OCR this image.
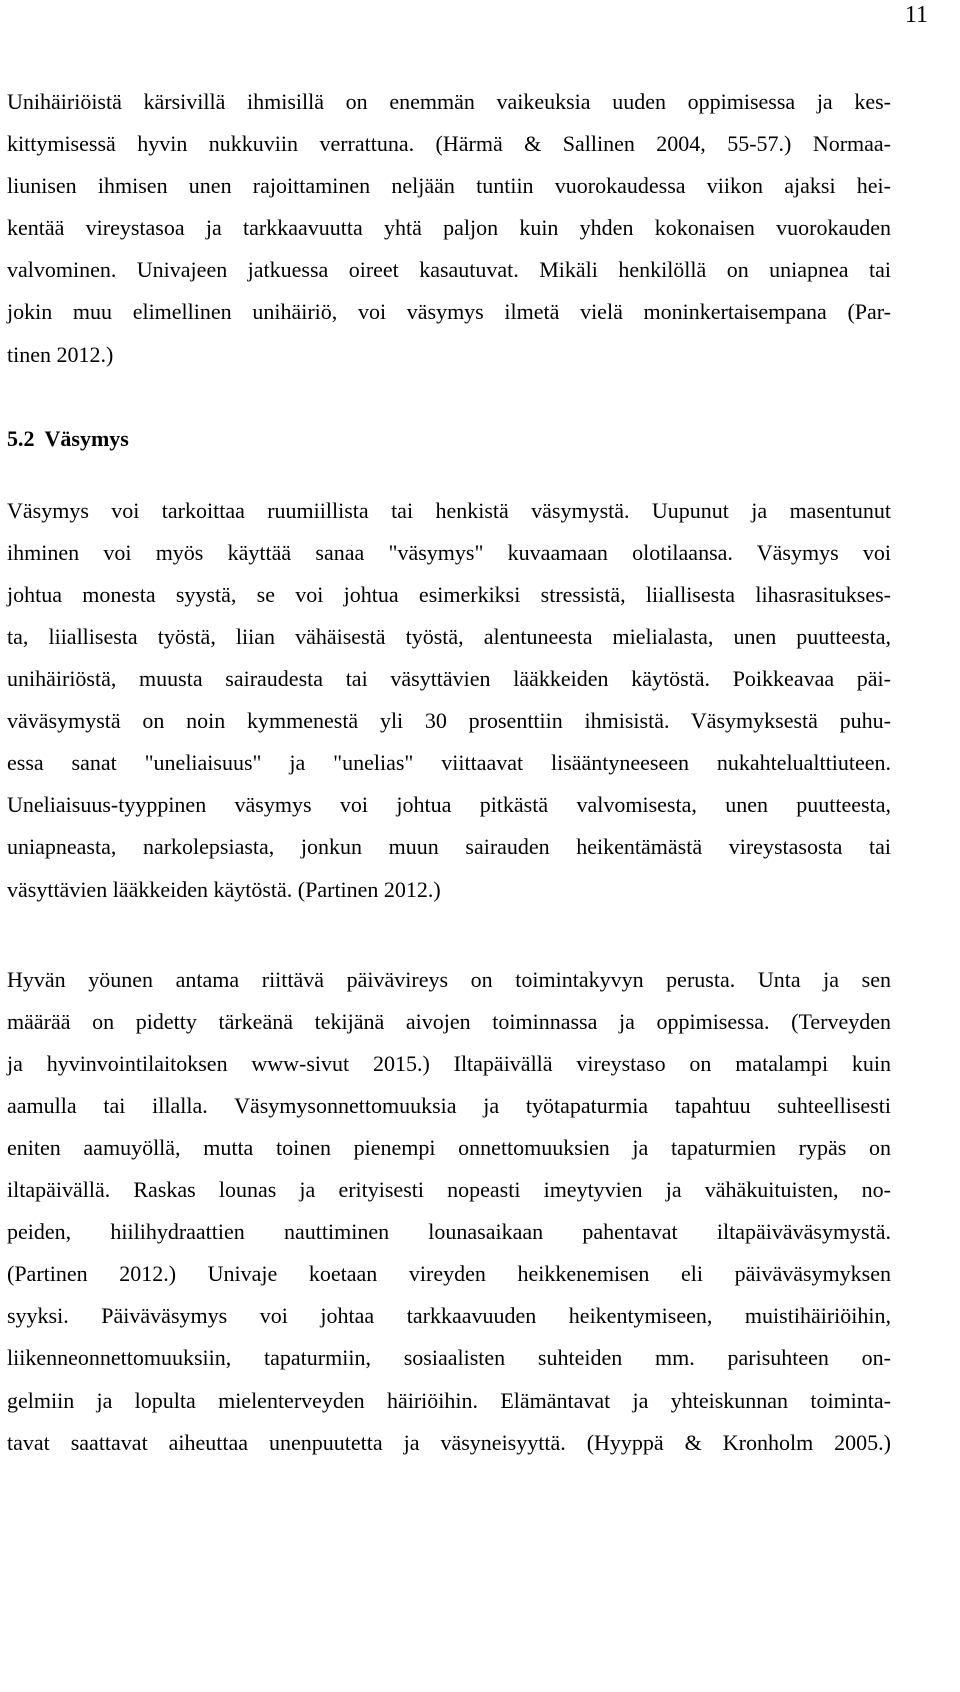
11
Unihäiriöistä kärsivillä ihmisillä on enemmän vaikeuksia uuden oppimisessa ja kes-
kittymisessä hyvin nukkuviin verrattuna. (Härmä & Sallinen 2004, 55-57.) Normaa-
liunisen ihmisen unen rajoittaminen neljään tuntiin vuorokaudessa viikon ajaksi hei-
kentää vireystasoa ja tarkkaavuutta yhtä paljon kuin yhden kokonaisen vuorokauden
valvominen. Univajeen jatkuessa oireet kasautuvat. Mikäli henkilöllä on uniapnea tai
jokin muu elimellinen unihäiriö, voi väsymys ilmetä vielä moninkertaisempana (Par-
tinen 2012.)
5.2 Väsymys
Väsymys voi tarkoittaa ruumiillista tai henkistä väsymystä. Uupunut ja masentunut
ihminen voi myös käyttää sanaa "väsymys" kuvaamaan olotilaansa. Väsymys voi
johtua monesta syystä, se voi johtua esimerkiksi stressistä, liiallisesta lihasrasitukses-
ta, liiallisesta työstä, liian vähäisestä työstä, alentuneesta mielialasta, unen puutteesta,
unihäiriöstä, muusta sairaudesta tai väsyttävien lääkkeiden käytöstä. Poikkeavaa päi-
väväsymystä on noin kymmenestä yli 30 prosenttiin ihmisistä. Väsymyksestä puhu-
essa sanat "uneliaisuus" ja "unelias" viittaavat lisääntyneeseen nukahtelualttiuteen.
Uneliaisuus-tyyppinen väsymys voi johtua pitkästä valvomisesta, unen puutteesta,
uniapneasta, narkolepsiasta, jonkun muun sairauden heikentämästä vireystasosta tai
väsyttävien lääkkeiden käytöstä. (Partinen 2012.)
Hyvän yöunen antama riittävä päivävireys on toimintakyvyn perusta. Unta ja sen
määrää on pidetty tärkeänä tekijänä aivojen toiminnassa ja oppimisessa. (Terveyden
ja hyvinvointilaitoksen www-sivut 2015.) Iltapäivällä vireystaso on matalampi kuin
aamulla tai illalla. Väsymysonnettomuuksia ja työtapaturmia tapahtuu suhteellisesti
eniten aamuyöllä, mutta toinen pienempi onnettomuuksien ja tapaturmien rypäs on
iltapäivällä. Raskas lounas ja erityisesti nopeasti imeytyvien ja vähäkuituisten, no-
peiden, hiilihydraattien nauttiminen lounasaikaan pahentavat iltapäiväväsymystä.
(Partinen 2012.) Univaje koetaan vireyden heikkenemisen eli päiväväsymyksen
syyksi. Päiväväsymys voi johtaa tarkkaavuuden heikentymiseen, muistihäiriöihin,
liikenneonnettomuuksiin, tapaturmiin, sosiaalisten suhteiden mm. parisuhteen on-
gelmiin ja lopulta mielenterveyden häiriöihin. Elämäntavat ja yhteiskunnan toiminta-
tavat saattavat aiheuttaa unenpuutetta ja väsyneisyyttä. (Hyyppä & Kronholm 2005.)
